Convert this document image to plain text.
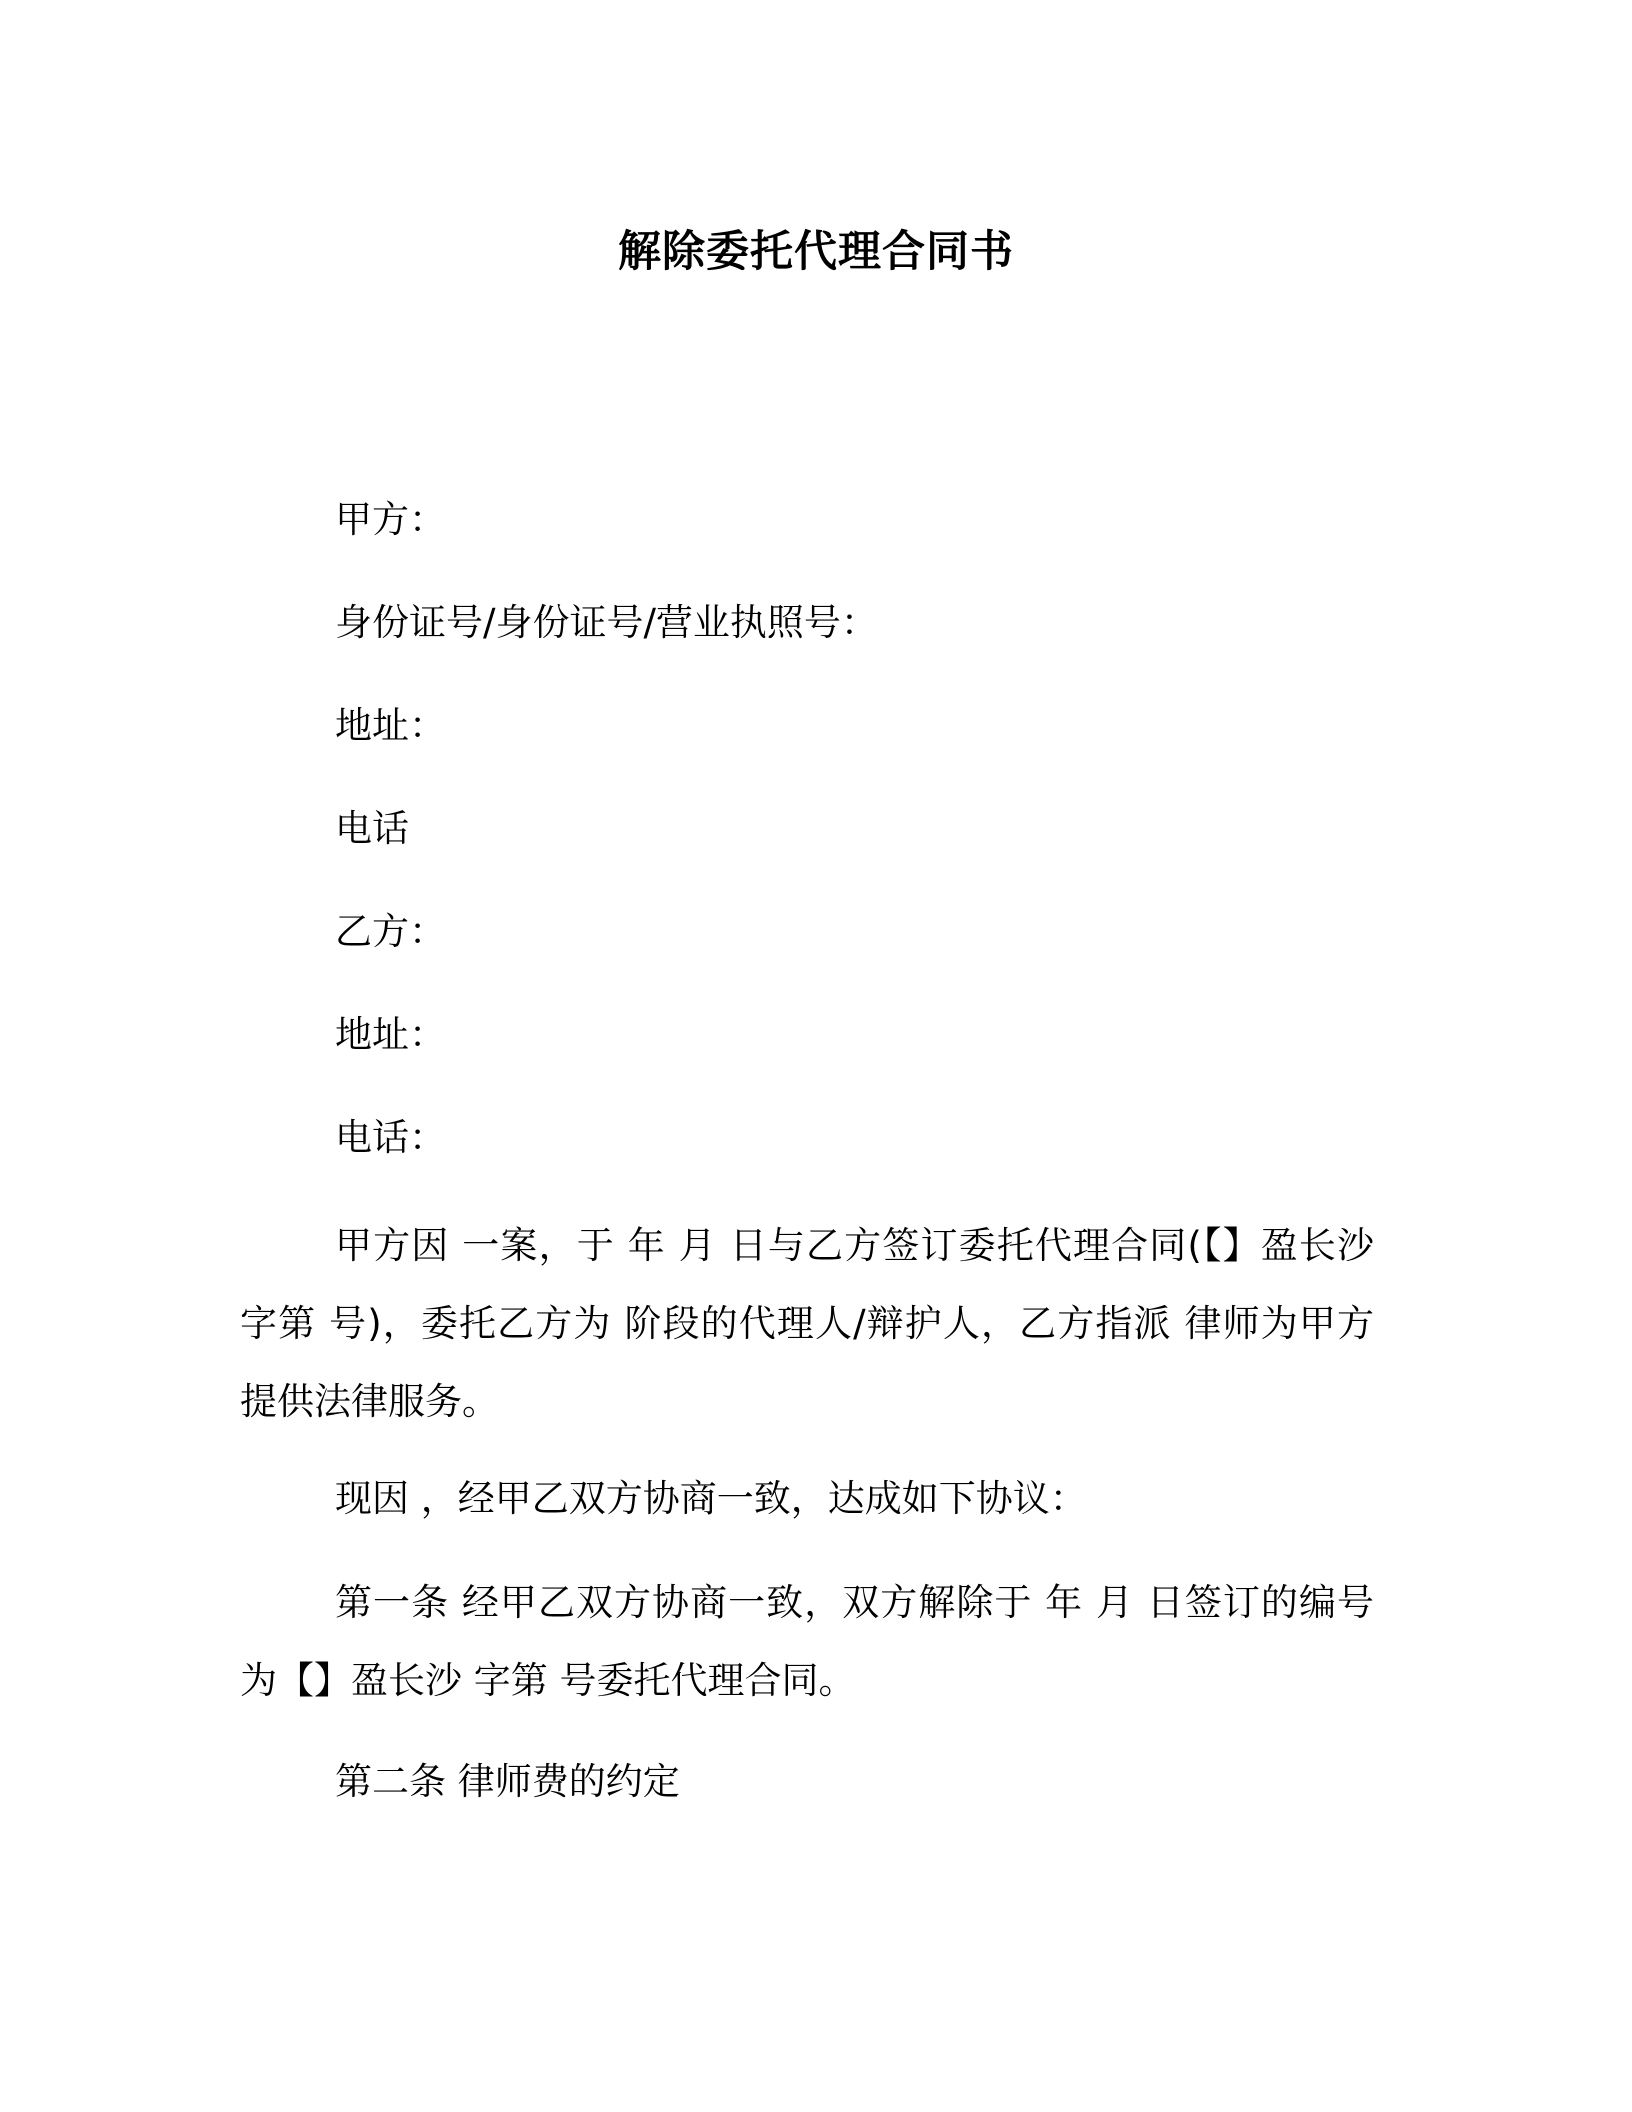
解除委托代理合同书
甲方：
身份证号/身份证号/营业执照号：
地址：
电话
乙方：
地址：
电话：
甲方因 一案，于 年 月 日与乙方签订委托代理合同(【】盈长沙字第 号)，委托乙方为 阶段的代理人/辩护人，乙方指派 律师为甲方提供法律服务。
现因 ，经甲乙双方协商一致，达成如下协议：
第一条 经甲乙双方协商一致，双方解除于 年 月 日签订的编号为【】盈长沙 字第 号委托代理合同。
第二条 律师费的约定
